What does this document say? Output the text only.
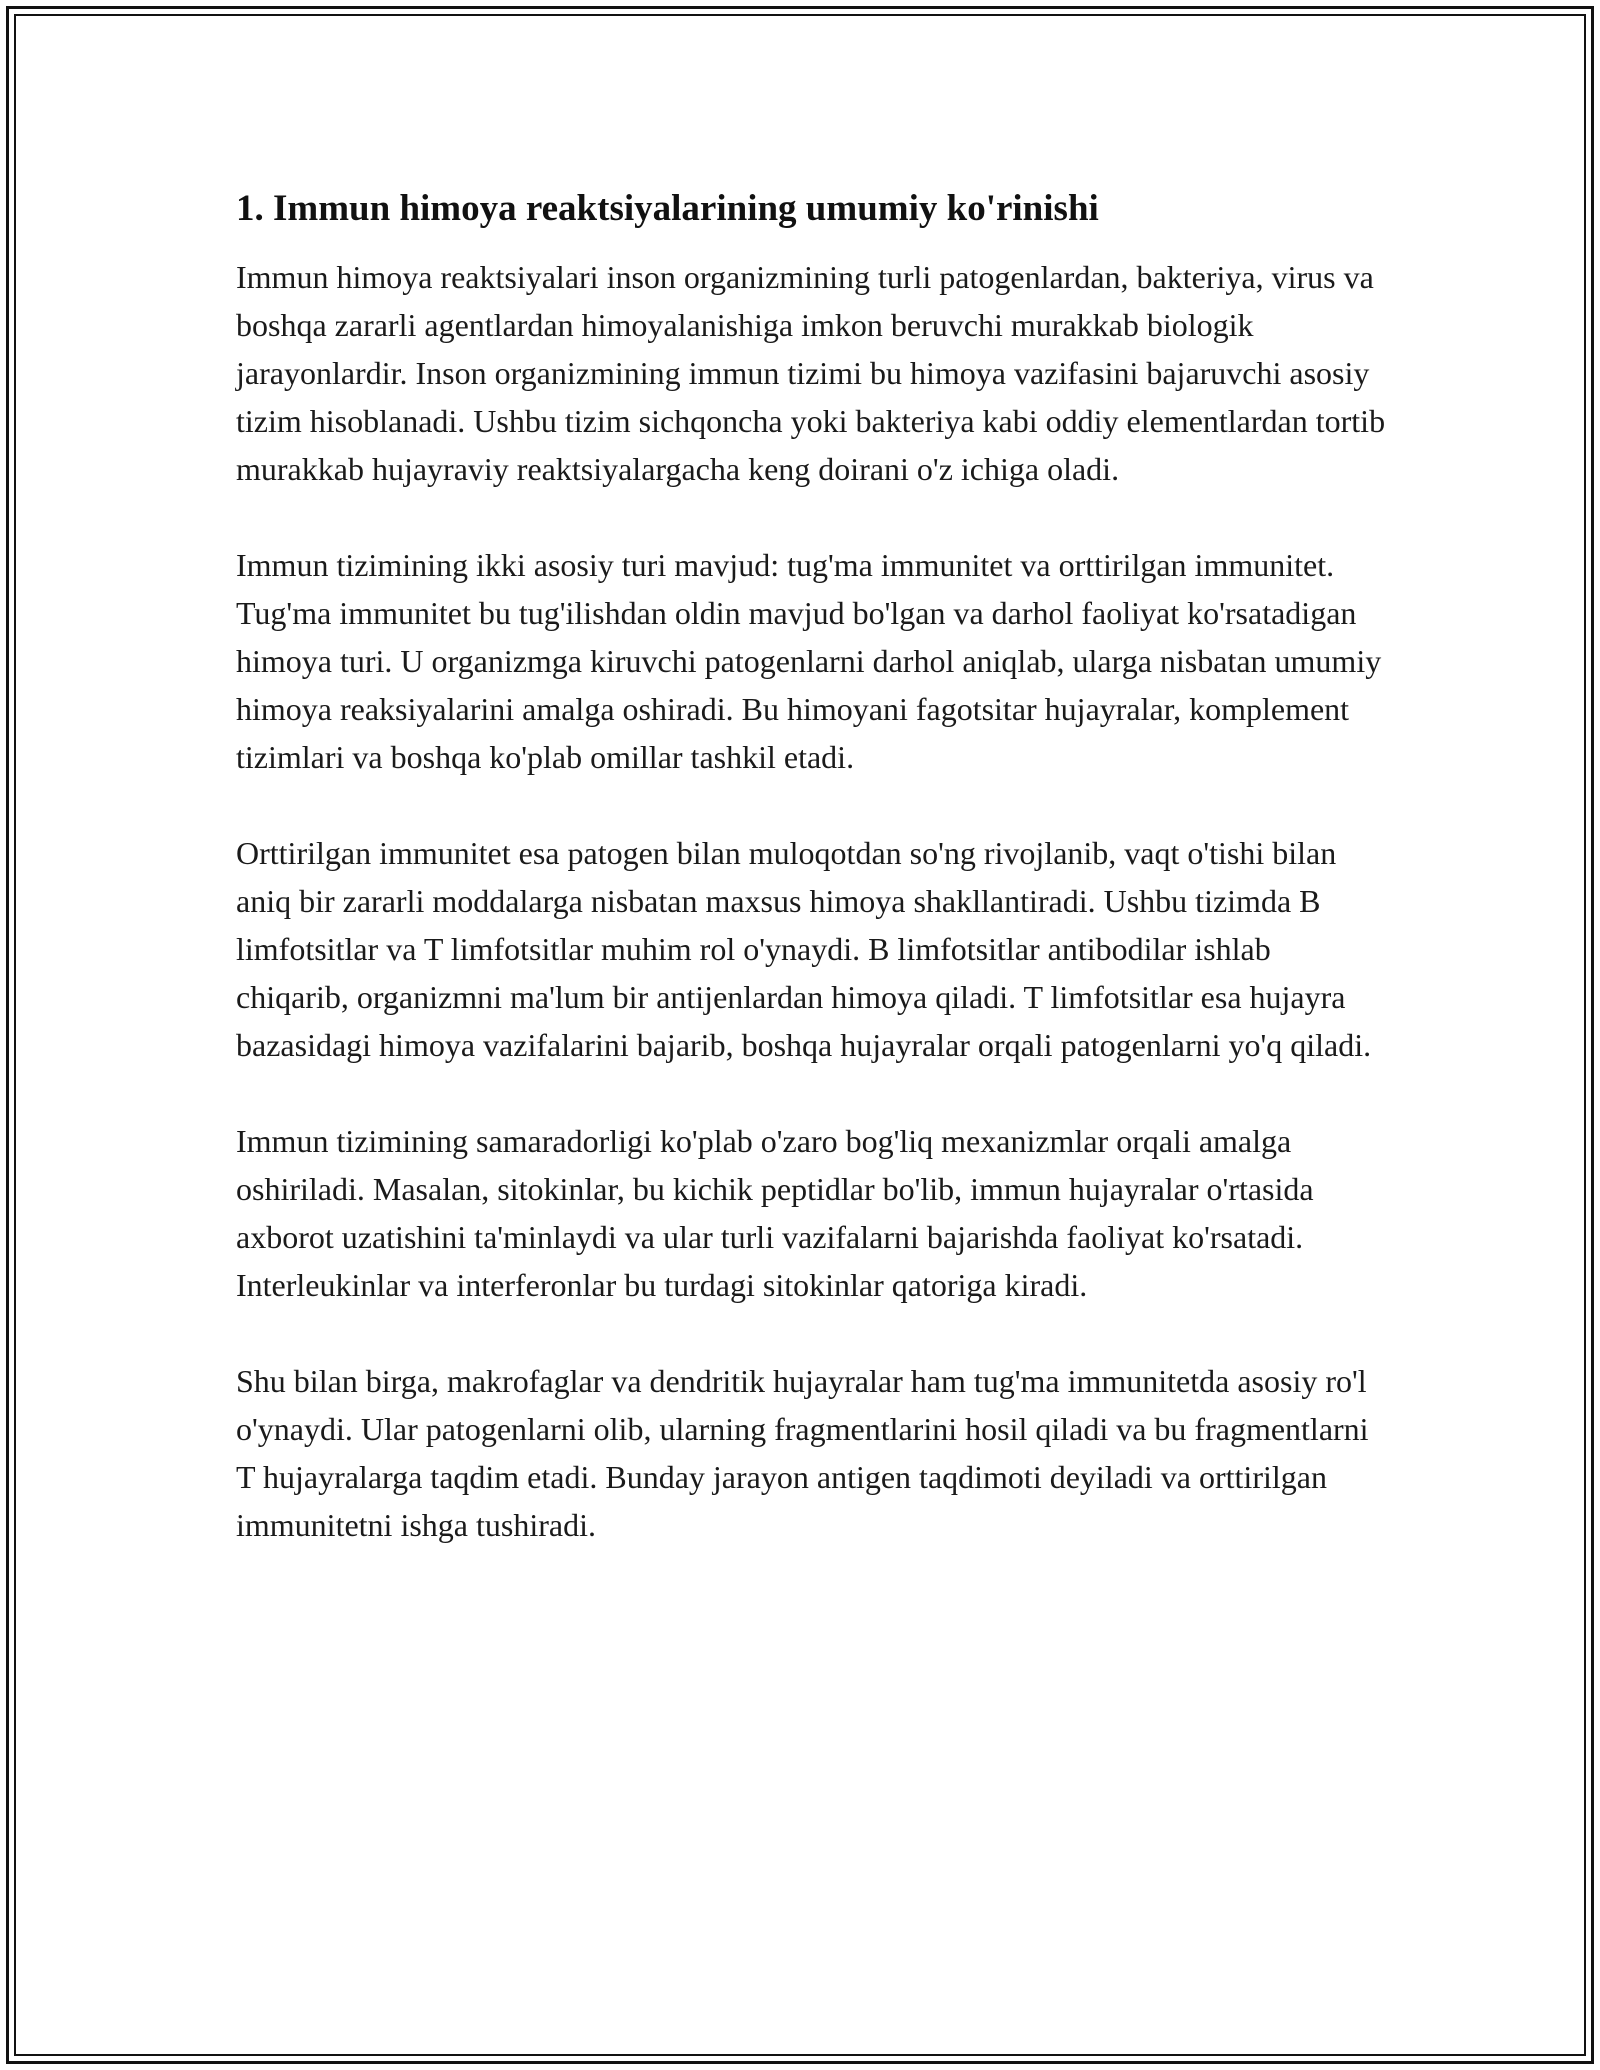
1. Immun himoya reaktsiyalarining umumiy ko'rinishi

Immun himoya reaktsiyalari inson organizmining turli patogenlardan, bakteriya, virus va boshqa zararli agentlardan himoyalanishiga imkon beruvchi murakkab biologik jarayonlardir. Inson organizmining immun tizimi bu himoya vazifasini bajaruvchi asosiy tizim hisoblanadi. Ushbu tizim sichqoncha yoki bakteriya kabi oddiy elementlardan tortib murakkab hujayraviy reaktsiyalargacha keng doirani o'z ichiga oladi.

Immun tizimining ikki asosiy turi mavjud: tug'ma immunitet va orttirilgan immunitet. Tug'ma immunitet bu tug'ilishdan oldin mavjud bo'lgan va darhol faoliyat ko'rsatadigan himoya turi. U organizmga kiruvchi patogenlarni darhol aniqlab, ularga nisbatan umumiy himoya reaksiyalarini amalga oshiradi. Bu himoyani fagotsitar hujayralar, komplement tizimlari va boshqa ko'plab omillar tashkil etadi.

Orttirilgan immunitet esa patogen bilan muloqotdan so'ng rivojlanib, vaqt o'tishi bilan aniq bir zararli moddalarga nisbatan maxsus himoya shakllantiradi. Ushbu tizimda B limfotsitlar va T limfotsitlar muhim rol o'ynaydi. B limfotsitlar antibodilar ishlab chiqarib, organizmni ma'lum bir antijenlardan himoya qiladi. T limfotsitlar esa hujayra bazasidagi himoya vazifalarini bajarib, boshqa hujayralar orqali patogenlarni yo'q qiladi.

Immun tizimining samaradorligi ko'plab o'zaro bog'liq mexanizmlar orqali amalga oshiriladi. Masalan, sitokinlar, bu kichik peptidlar bo'lib, immun hujayralar o'rtasida axborot uzatishini ta'minlaydi va ular turli vazifalarni bajarishda faoliyat ko'rsatadi. Interleukinlar va interferonlar bu turdagi sitokinlar qatoriga kiradi.

Shu bilan birga, makrofaglar va dendritik hujayralar ham tug'ma immunitetda asosiy ro'l o'ynaydi. Ular patogenlarni olib, ularning fragmentlarini hosil qiladi va bu fragmentlarni T hujayralarga taqdim etadi. Bunday jarayon antigen taqdimoti deyiladi va orttirilgan immunitetni ishga tushiradi.
